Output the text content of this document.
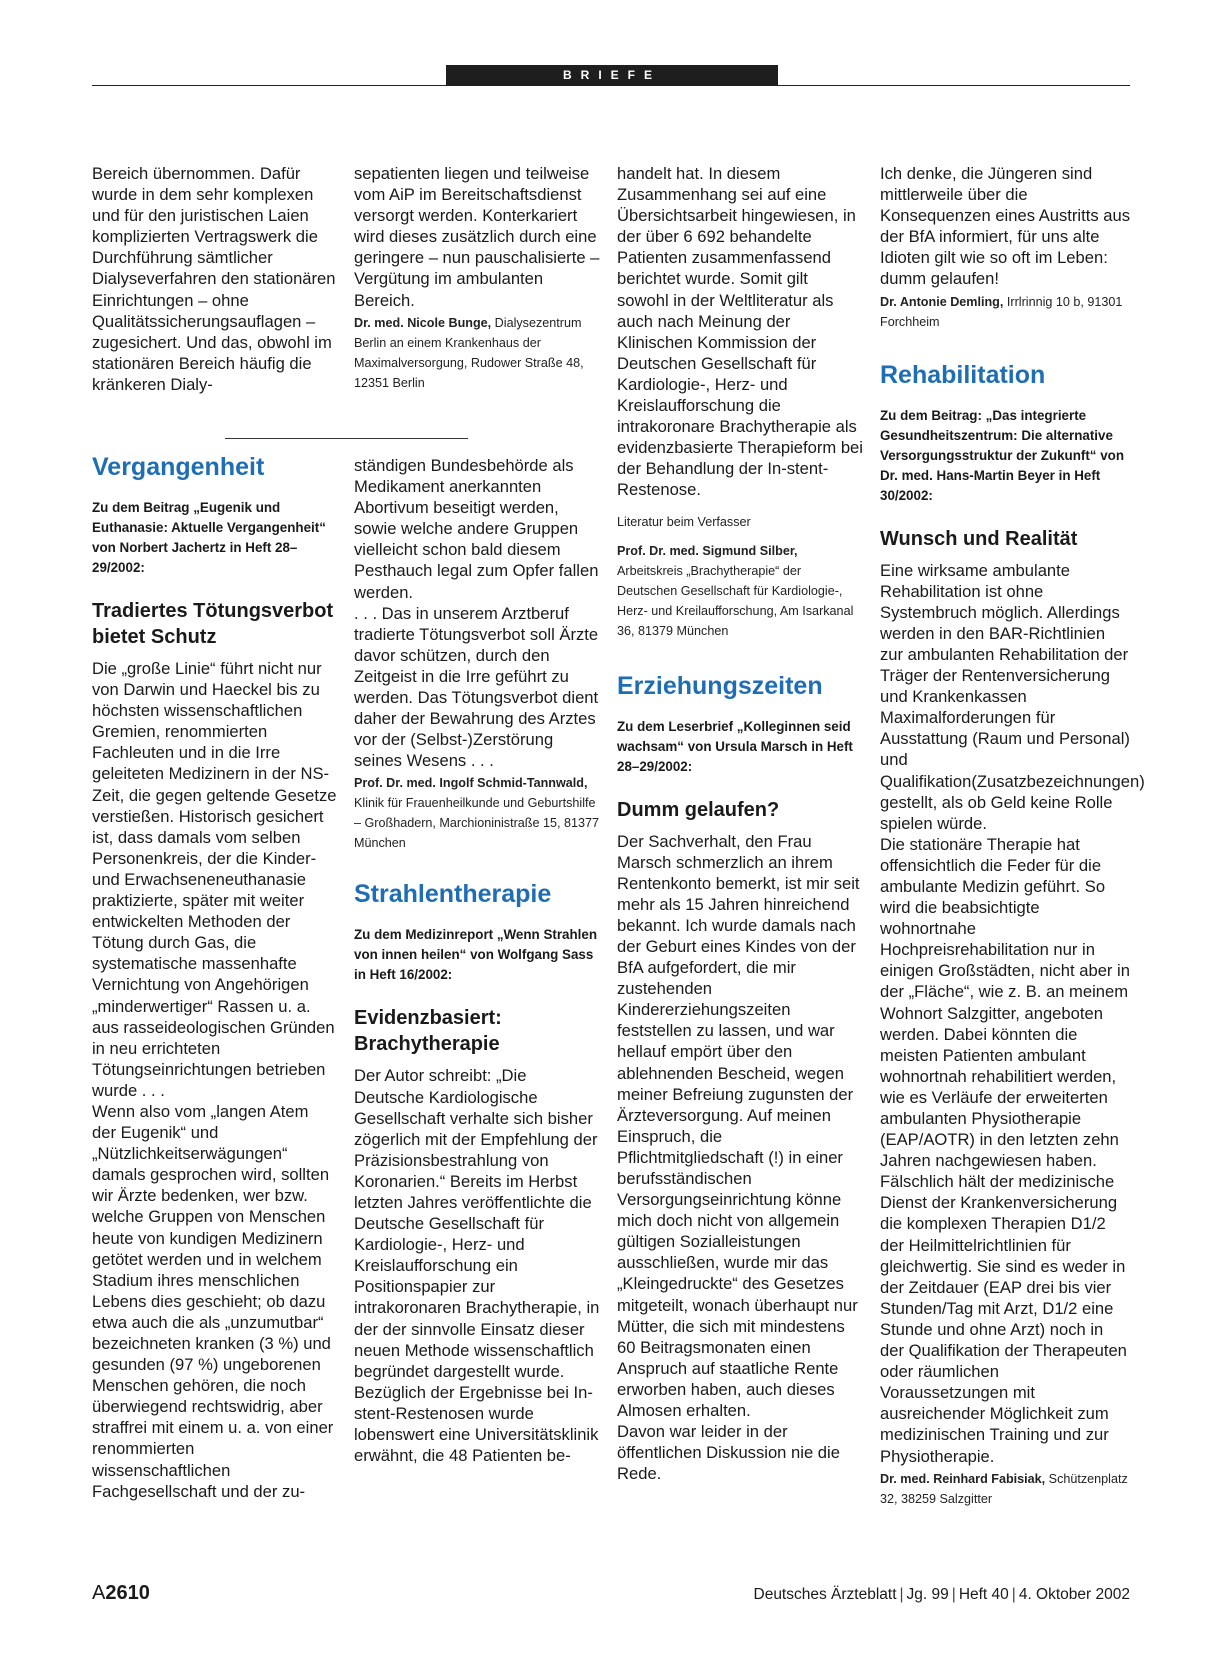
BRIEFE

Bereich übernommen. Dafür wurde in dem sehr komplexen und für den juristischen Laien komplizierten Vertragswerk die Durchführung sämtlicher Dialyseverfahren den stationären Einrichtungen – ohne Qualitätssicherungsauflagen – zugesichert. Und das, obwohl im stationären Bereich häufig die kränkeren Dialy-

Vergangenheit

Zu dem Beitrag „Eugenik und Euthanasie: Aktuelle Vergangenheit“ von Norbert Jachertz in Heft 28–29/2002:

Tradiertes Tötungsverbot bietet Schutz

Die „große Linie“ führt nicht nur von Darwin und Haeckel bis zu höchsten wissenschaftlichen Gremien, renommierten Fachleuten und in die Irre geleiteten Medizinern in der NS-Zeit, die gegen geltende Gesetze verstießen. Historisch gesichert ist, dass damals vom selben Personenkreis, der die Kinder- und Erwachseneneuthanasie praktizierte, später mit weiter entwickelten Methoden der Tötung durch Gas, die systematische massenhafte Vernichtung von Angehörigen „minderwertiger“ Rassen u. a. aus rasseideologischen Gründen in neu errichteten Tötungseinrichtungen betrieben wurde . . .

Wenn also vom „langen Atem der Eugenik“ und „Nützlichkeitserwägungen“ damals gesprochen wird, sollten wir Ärzte bedenken, wer bzw. welche Gruppen von Menschen heute von kundigen Medizinern getötet werden und in welchem Stadium ihres menschlichen Lebens dies geschieht; ob dazu etwa auch die als „unzumutbar“ bezeichneten kranken (3 %) und gesunden (97 %) ungeborenen Menschen gehören, die noch überwiegend rechtswidrig, aber straffrei mit einem u. a. von einer renommierten wissenschaftlichen Fachgesellschaft und der zu-

sepatienten liegen und teilweise vom AiP im Bereitschaftsdienst versorgt werden. Konterkariert wird dieses zusätzlich durch eine geringere – nun pauschalisierte – Vergütung im ambulanten Bereich.

Dr. med. Nicole Bunge, Dialysezentrum Berlin an einem Krankenhaus der Maximalversorgung, Rudower Straße 48, 12351 Berlin

ständigen Bundesbehörde als Medikament anerkannten Abortivum beseitigt werden, sowie welche andere Gruppen vielleicht schon bald diesem Pesthauch legal zum Opfer fallen werden.

. . . Das in unserem Arztberuf tradierte Tötungsverbot soll Ärzte davor schützen, durch den Zeitgeist in die Irre geführt zu werden. Das Tötungsverbot dient daher der Bewahrung des Arztes vor der (Selbst-)Zerstörung seines Wesens . . .

Prof. Dr. med. Ingolf Schmid-Tannwald, Klinik für Frauenheilkunde und Geburtshilfe – Großhadern, Marchioninistraße 15, 81377 München

Strahlentherapie

Zu dem Medizinreport „Wenn Strahlen von innen heilen“ von Wolfgang Sass in Heft 16/2002:

Evidenzbasiert: Brachytherapie

Der Autor schreibt: „Die Deutsche Kardiologische Gesellschaft verhalte sich bisher zögerlich mit der Empfehlung der Präzisionsbestrahlung von Koronarien.“ Bereits im Herbst letzten Jahres veröffentlichte die Deutsche Gesellschaft für Kardiologie-, Herz- und Kreislaufforschung ein Positionspapier zur intrakoronaren Brachytherapie, in der der sinnvolle Einsatz dieser neuen Methode wissenschaftlich begründet dargestellt wurde. Bezüglich der Ergebnisse bei In-stent-Restenosen wurde lobenswert eine Universitätsklinik erwähnt, die 48 Patienten be-

handelt hat. In diesem Zusammenhang sei auf eine Übersichtsarbeit hingewiesen, in der über 6 692 behandelte Patienten zusammenfassend berichtet wurde. Somit gilt sowohl in der Weltliteratur als auch nach Meinung der Klinischen Kommission der Deutschen Gesellschaft für Kardiologie-, Herz- und Kreislaufforschung die intrakoronare Brachytherapie als evidenzbasierte Therapieform bei der Behandlung der In-stent-Restenose.

Literatur beim Verfasser

Prof. Dr. med. Sigmund Silber, Arbeitskreis „Brachytherapie“ der Deutschen Gesellschaft für Kardiologie-, Herz- und Kreilaufforschung, Am Isarkanal 36, 81379 München

Erziehungszeiten

Zu dem Leserbrief „Kolleginnen seid wachsam“ von Ursula Marsch in Heft 28–29/2002:

Dumm gelaufen?

Der Sachverhalt, den Frau Marsch schmerzlich an ihrem Rentenkonto bemerkt, ist mir seit mehr als 15 Jahren hinreichend bekannt. Ich wurde damals nach der Geburt eines Kindes von der BfA aufgefordert, die mir zustehenden Kindererziehungszeiten feststellen zu lassen, und war hellauf empört über den ablehnenden Bescheid, wegen meiner Befreiung zugunsten der Ärzteversorgung. Auf meinen Einspruch, die Pflichtmitgliedschaft (!) in einer berufsständischen Versorgungseinrichtung könne mich doch nicht von allgemein gültigen Sozialleistungen ausschließen, wurde mir das „Kleingedruckte“ des Gesetzes mitgeteilt, wonach überhaupt nur Mütter, die sich mit mindestens 60 Beitragsmonaten einen Anspruch auf staatliche Rente erworben haben, auch dieses Almosen erhalten.

Davon war leider in der öffentlichen Diskussion nie die Rede.

Ich denke, die Jüngeren sind mittlerweile über die Konsequenzen eines Austritts aus der BfA informiert, für uns alte Idioten gilt wie so oft im Leben: dumm gelaufen!

Dr. Antonie Demling, Irrlrinnig 10 b, 91301 Forchheim

Rehabilitation

Zu dem Beitrag: „Das integrierte Gesundheitszentrum: Die alternative Versorgungsstruktur der Zukunft“ von Dr. med. Hans-Martin Beyer in Heft 30/2002:

Wunsch und Realität

Eine wirksame ambulante Rehabilitation ist ohne Systembruch möglich. Allerdings werden in den BAR-Richtlinien zur ambulanten Rehabilitation der Träger der Rentenversicherung und Krankenkassen Maximalforderungen für Ausstattung (Raum und Personal) und Qualifikation(Zusatzbezeichnungen) gestellt, als ob Geld keine Rolle spielen würde.

Die stationäre Therapie hat offensichtlich die Feder für die ambulante Medizin geführt. So wird die beabsichtigte wohnortnahe Hochpreisrehabilitation nur in einigen Großstädten, nicht aber in der „Fläche“, wie z. B. an meinem Wohnort Salzgitter, angeboten werden. Dabei könnten die meisten Patienten ambulant wohnortnah rehabilitiert werden, wie es Verläufe der erweiterten ambulanten Physiotherapie (EAP/AOTR) in den letzten zehn Jahren nachgewiesen haben. Fälschlich hält der medizinische Dienst der Krankenversicherung die komplexen Therapien D1/2 der Heilmittelrichtlinien für gleichwertig. Sie sind es weder in der Zeitdauer (EAP drei bis vier Stunden/Tag mit Arzt, D1/2 eine Stunde und ohne Arzt) noch in der Qualifikation der Therapeuten oder räumlichen Voraussetzungen mit ausreichender Möglichkeit zum medizinischen Training und zur Physiotherapie.

Dr. med. Reinhard Fabisiak, Schützenplatz 32, 38259 Salzgitter

A2610	Deutsches Ärzteblatt | Jg. 99 | Heft 40 | 4. Oktober 2002
